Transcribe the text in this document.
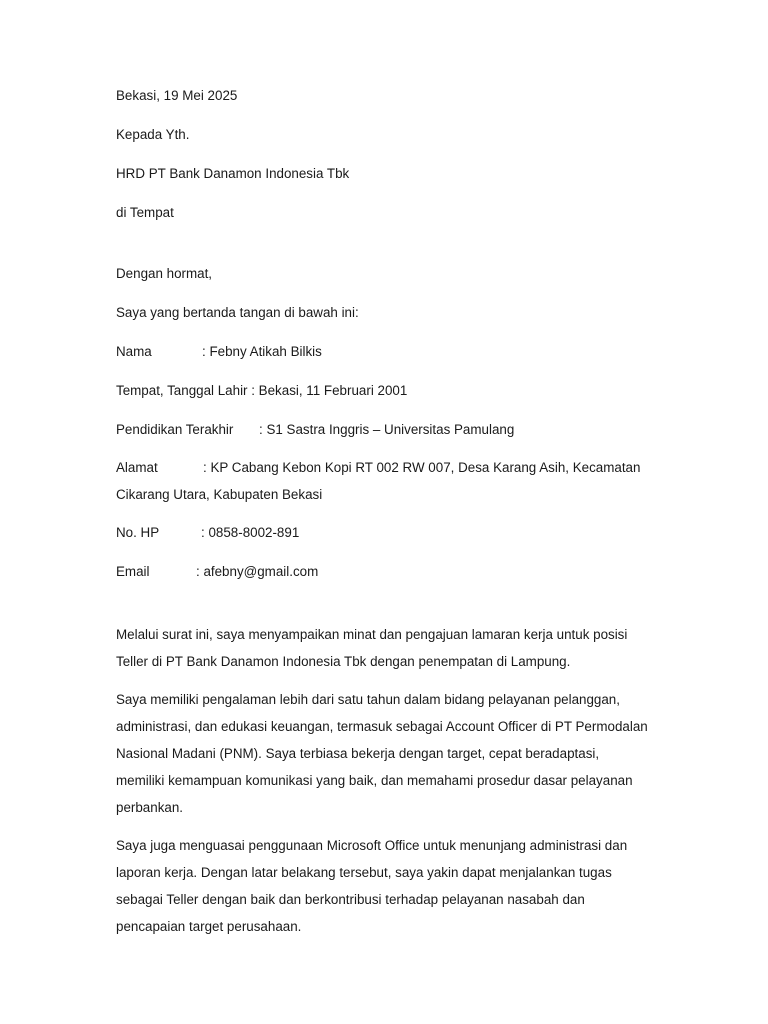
Bekasi, 19 Mei 2025
Kepada Yth.
HRD PT Bank Danamon Indonesia Tbk
di Tempat
Dengan hormat,
Saya yang bertanda tangan di bawah ini:
Nama	: Febny Atikah Bilkis
Tempat, Tanggal Lahir : Bekasi, 11 Februari 2001
Pendidikan Terakhir : S1 Sastra Inggris – Universitas Pamulang
Alamat	: KP Cabang Kebon Kopi RT 002 RW 007, Desa Karang Asih, Kecamatan
Cikarang Utara, Kabupaten Bekasi
No. HP	: 0858-8002-891
Email	: afebny@gmail.com
Melalui surat ini, saya menyampaikan minat dan pengajuan lamaran kerja untuk posisi
Teller di PT Bank Danamon Indonesia Tbk dengan penempatan di Lampung.
Saya memiliki pengalaman lebih dari satu tahun dalam bidang pelayanan pelanggan,
administrasi, dan edukasi keuangan, termasuk sebagai Account Officer di PT Permodalan
Nasional Madani (PNM). Saya terbiasa bekerja dengan target, cepat beradaptasi,
memiliki kemampuan komunikasi yang baik, dan memahami prosedur dasar pelayanan
perbankan.
Saya juga menguasai penggunaan Microsoft Office untuk menunjang administrasi dan
laporan kerja. Dengan latar belakang tersebut, saya yakin dapat menjalankan tugas
sebagai Teller dengan baik dan berkontribusi terhadap pelayanan nasabah dan
pencapaian target perusahaan.
